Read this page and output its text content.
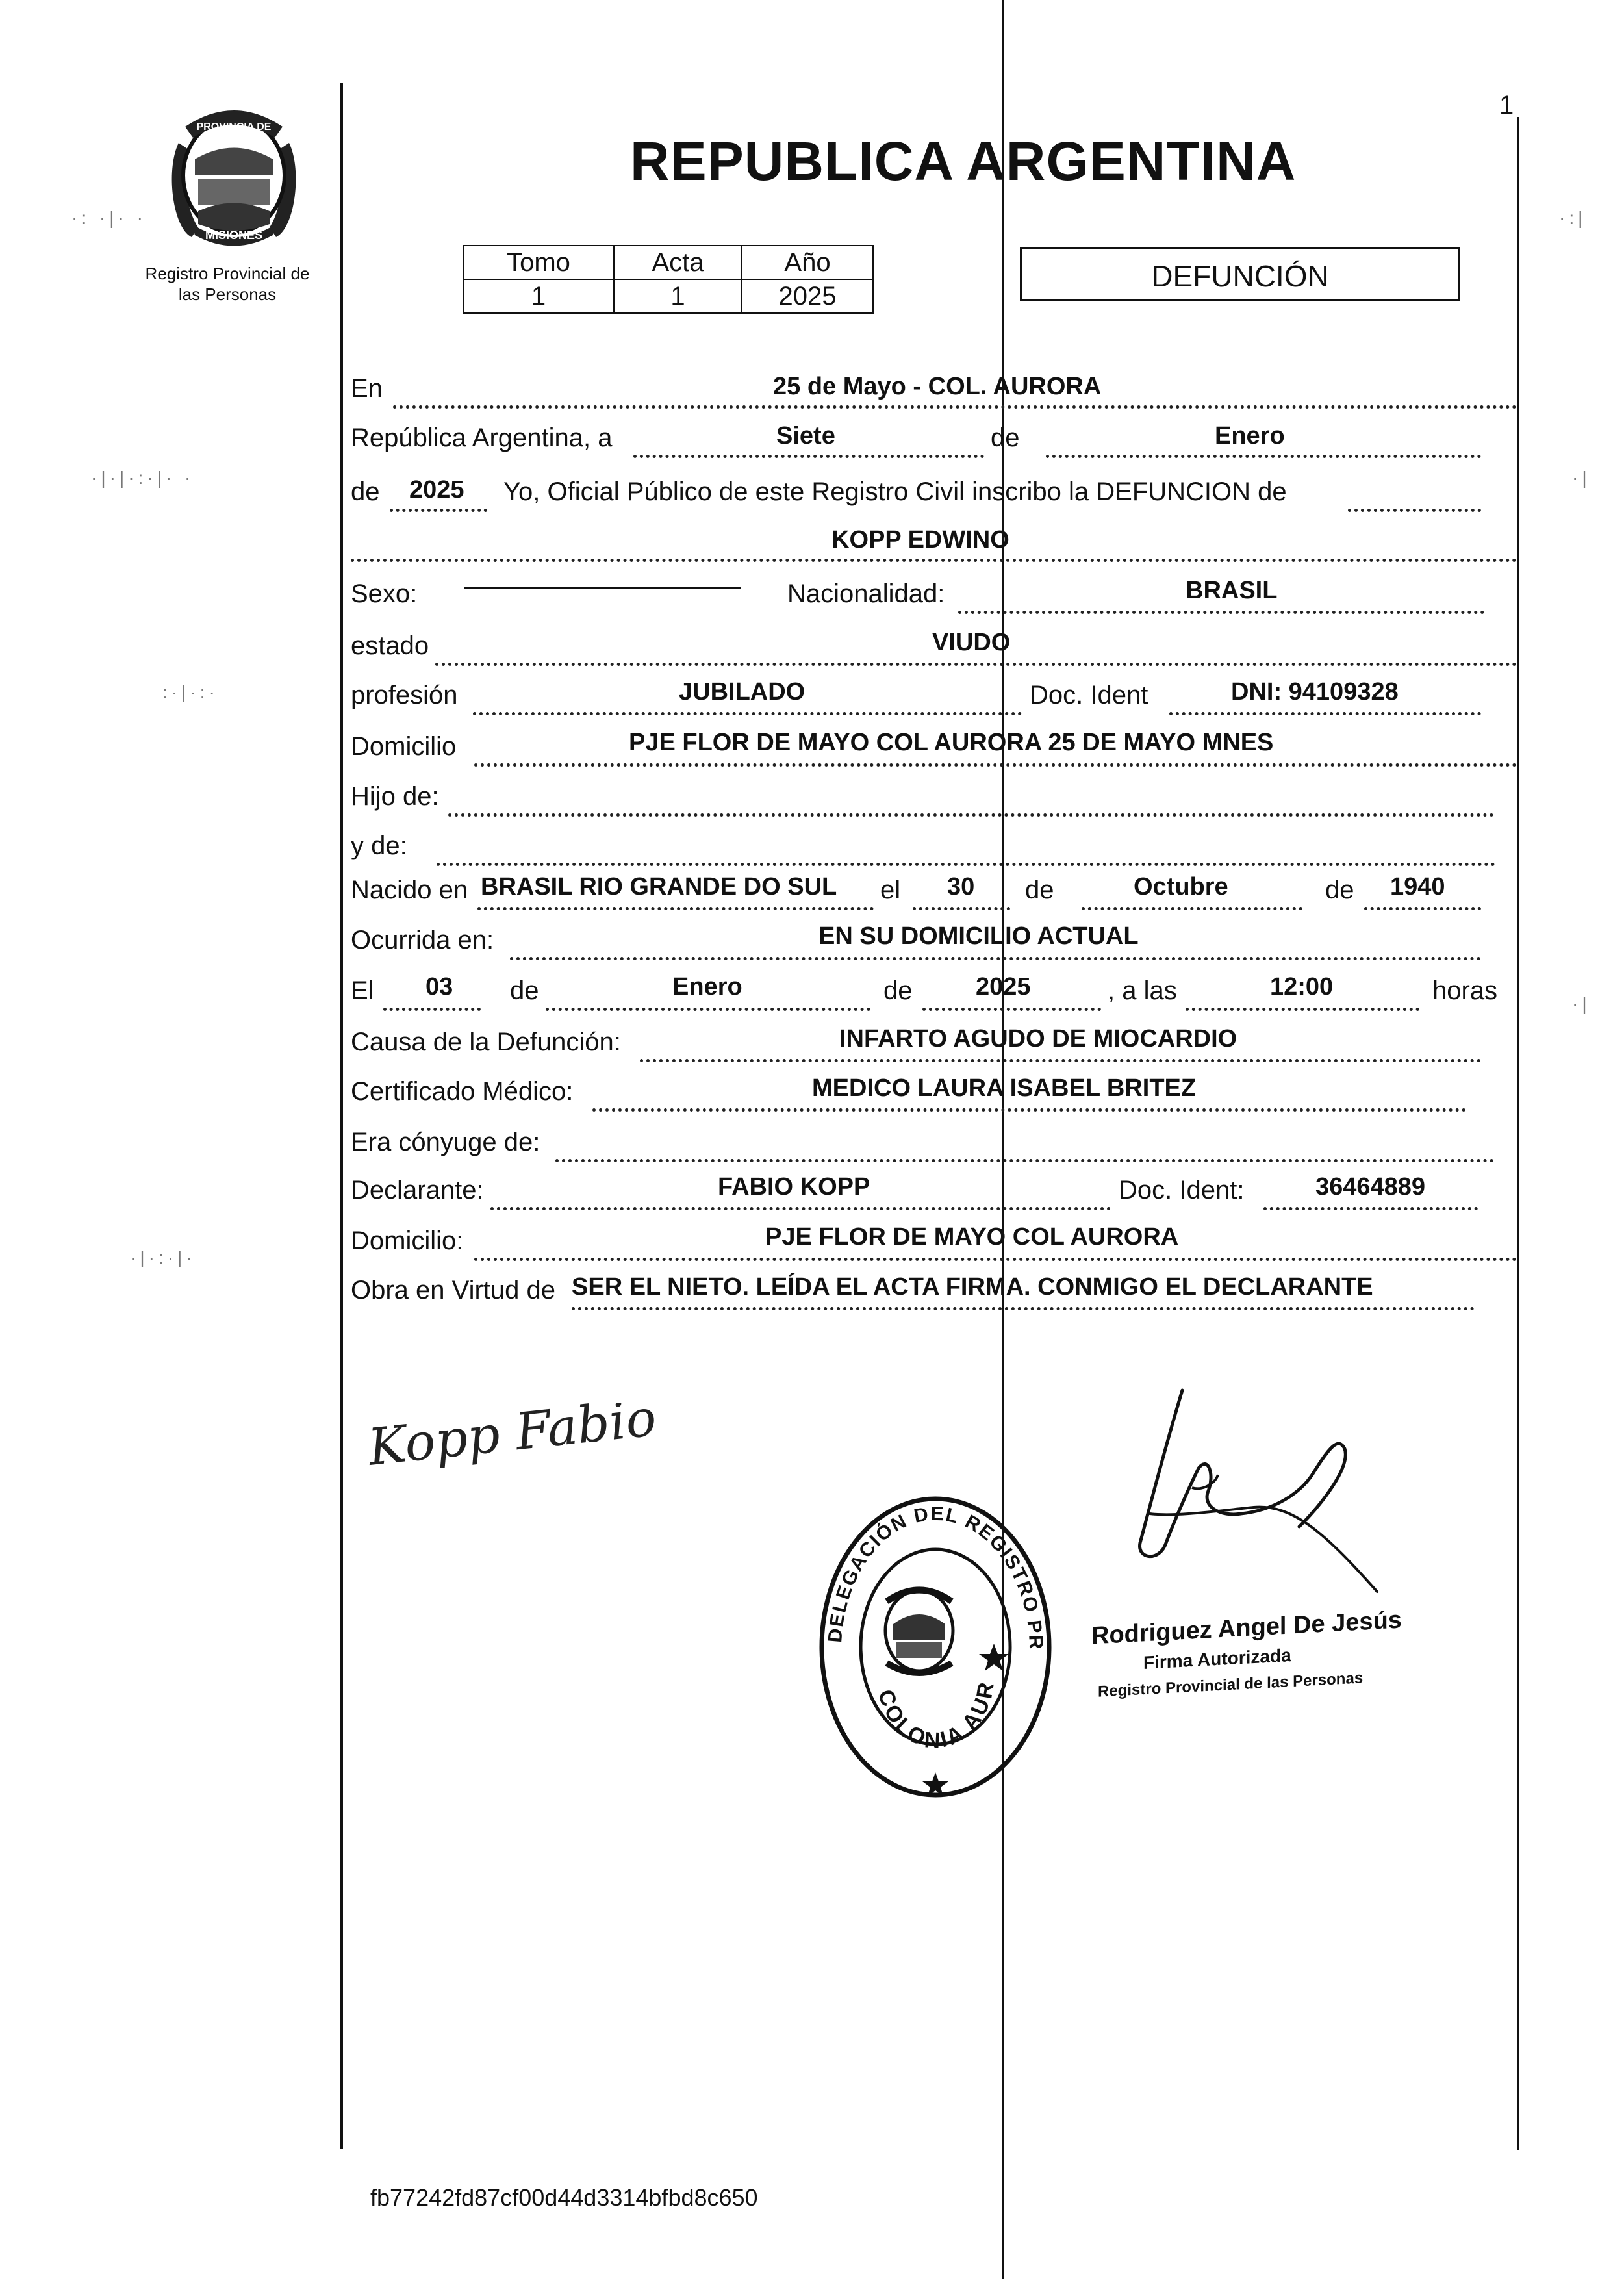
1
PROVINCIA DE
MISIONES
Registro Provincial de
las Personas
REPUBLICA ARGENTINA
Tomo	Acta	Año
1	1	2025
DEFUNCIÓN
En	25 de Mayo - COL. AURORA
República Argentina, a	Siete	de	Enero
de 2025 Yo, Oficial Público de este Registro Civil inscribo la DEFUNCION de
KOPP EDWINO
Sexo:	Nacionalidad:	BRASIL
estado	VIUDO
profesión	JUBILADO	Doc. Ident	DNI: 94109328
Domicilio	PJE FLOR DE MAYO COL AURORA 25 DE MAYO MNES
Hijo de:
y de:
Nacido en BRASIL RIO GRANDE DO SUL el 30 de	Octubre	de 1940
Ocurrida en:	EN SU DOMICILIO ACTUAL
El 03 de	Enero	de	2025	, a las	12:00	horas
Causa de la Defunción:	INFARTO AGUDO DE MIOCARDIO
Certificado Médico:	MEDICO LAURA ISABEL BRITEZ
Era cónyuge de:
Declarante:	FABIO KOPP	Doc. Ident:	36464889
Domicilio:	PJE FLOR DE MAYO COL AURORA
Obra en Virtud de SER EL NIETO. LEÍDA EL ACTA FIRMA. CONMIGO EL DECLARANTE
Kopp Fabio
DELEGACIÓN DEL REGISTRO PR
COLONIA AUR
Rodriguez Angel De Jesús
Firma Autorizada
Registro Provincial de las Personas
·: ·|· ·
·|·|·:·|· ·
:·|·:·
·|·:·|·
·:|
·|
·|
fb77242fd87cf00d44d3314bfbd8c650
